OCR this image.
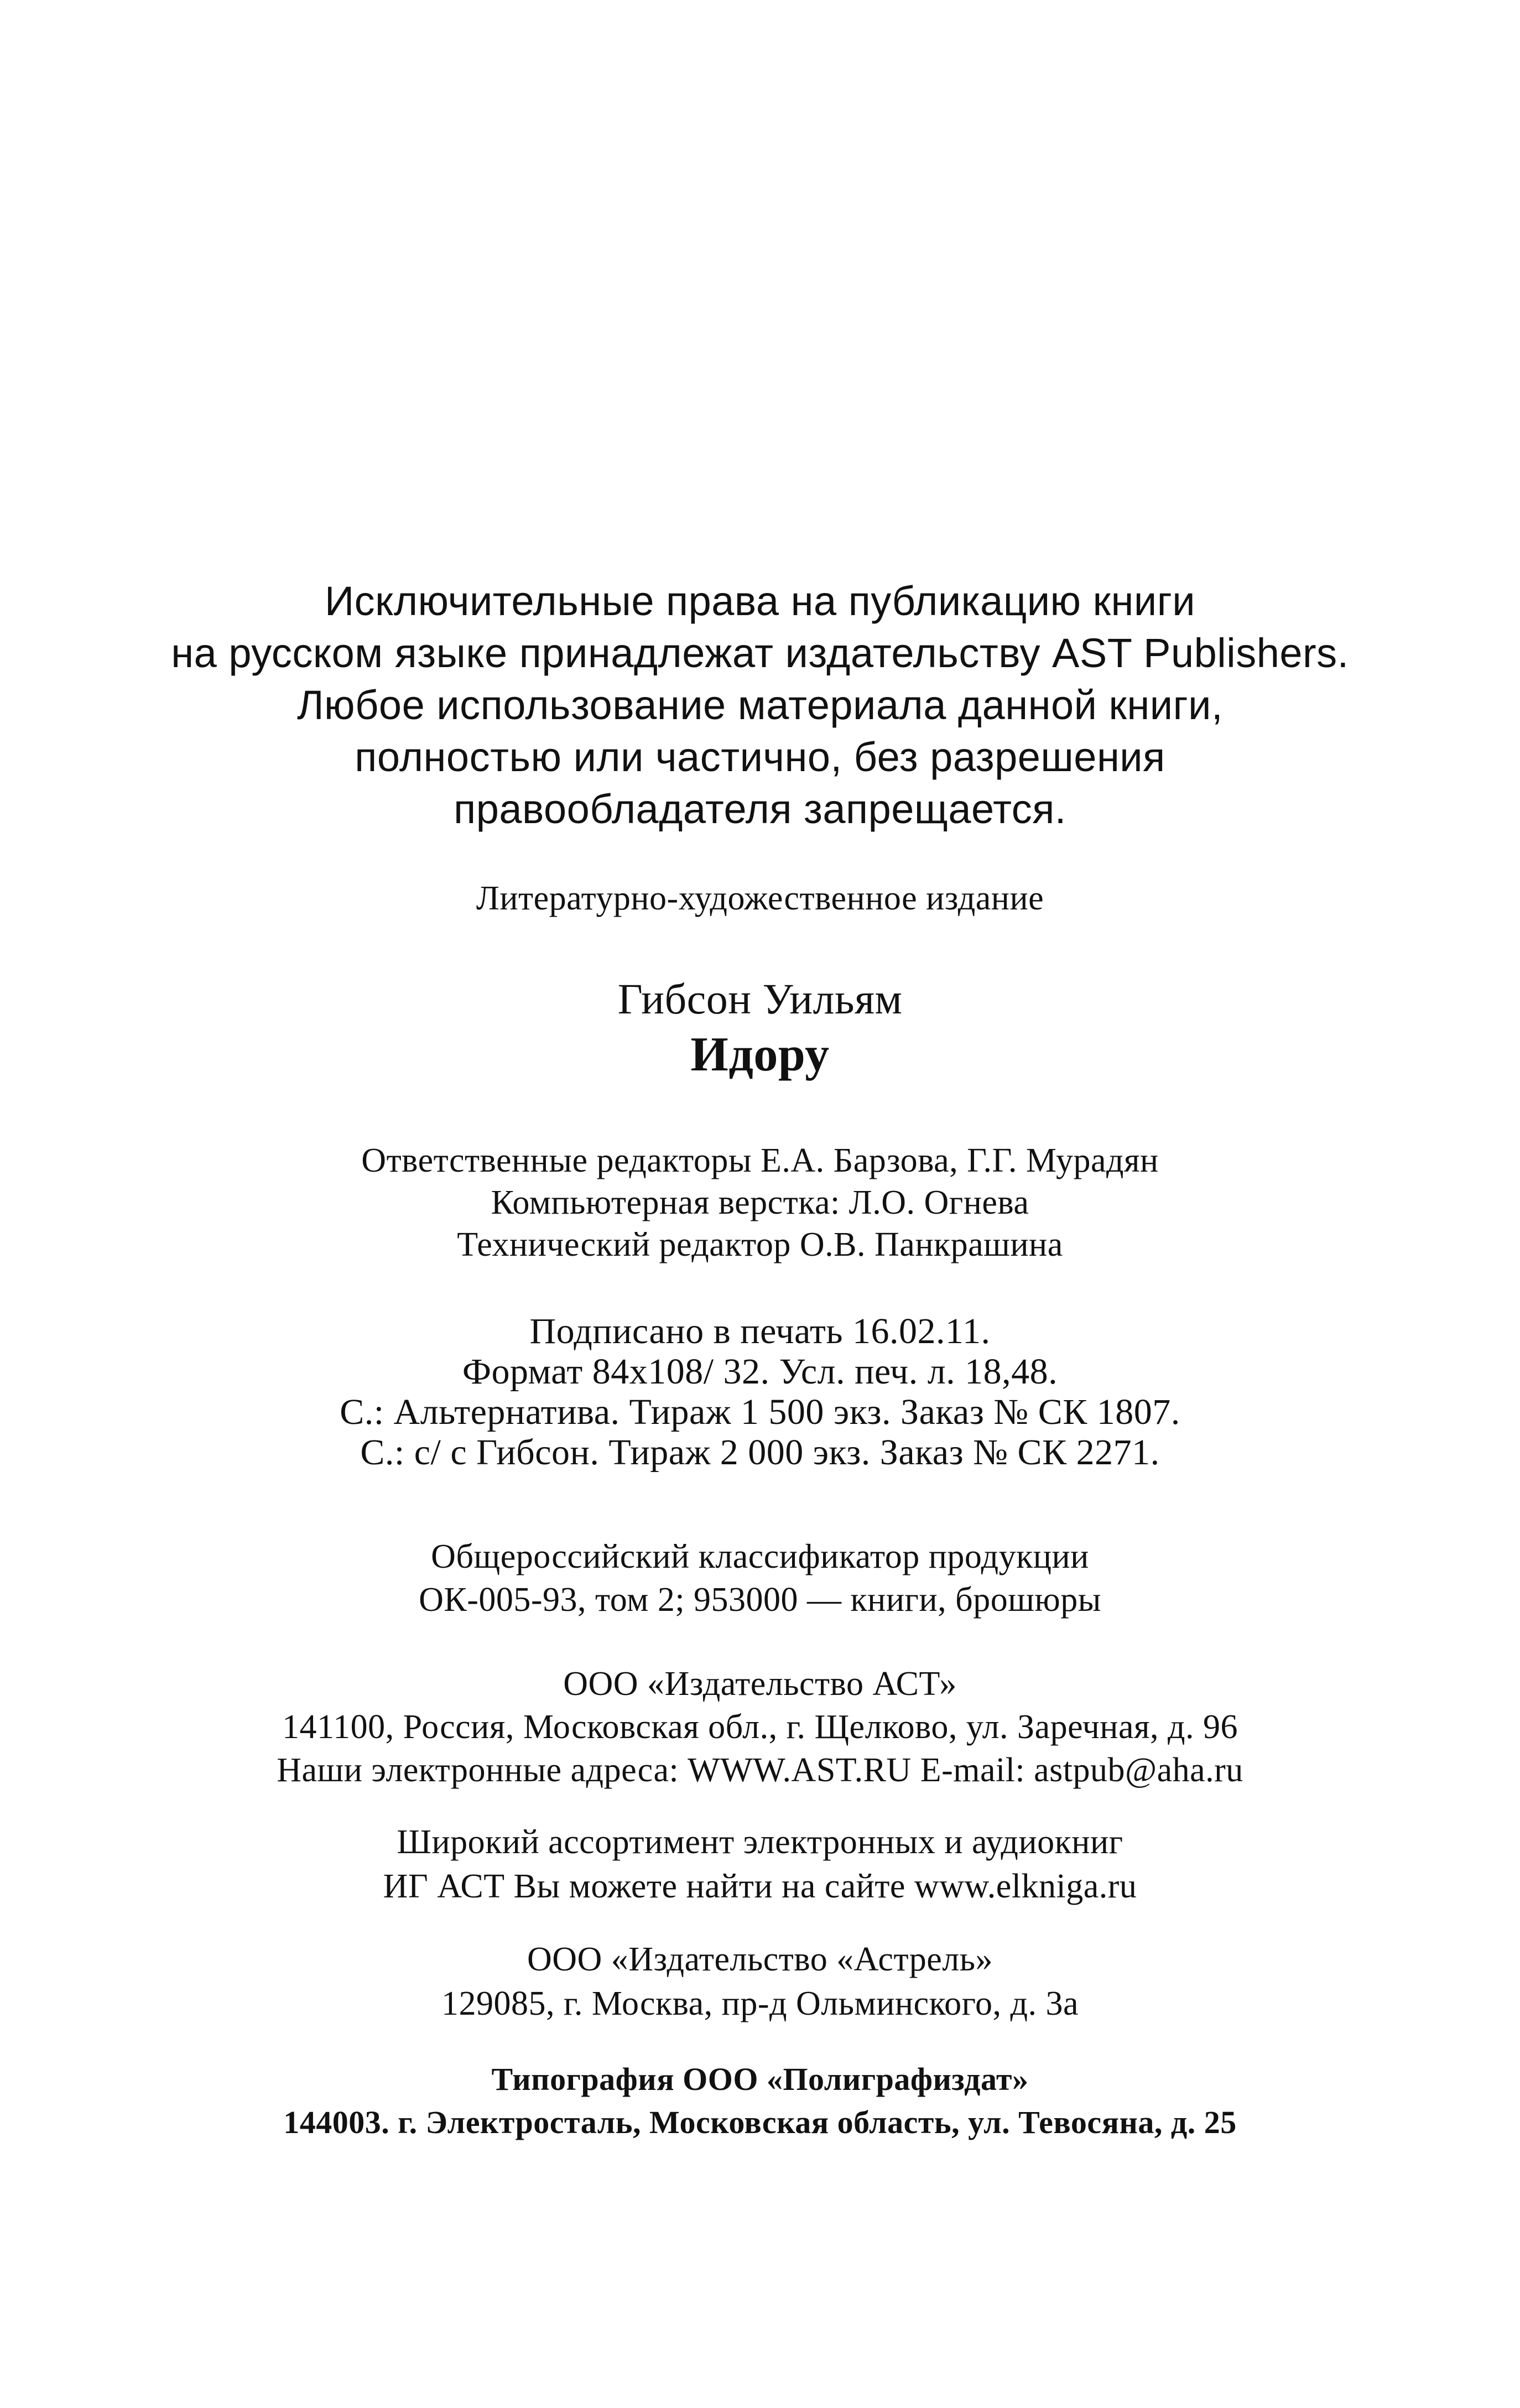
Исключительные права на публикацию книги
на русском языке принадлежат издательству AST Publishers.
Любое использование материала данной книги,
полностью или частично, без разрешения
правообладателя запрещается.
Литературно-художественное издание
Гибсон Уильям
Идору
Ответственные редакторы Е.А. Барзова, Г.Г. Мурадян
Компьютерная верстка: Л.О. Огнева
Технический редактор О.В. Панкрашина
Подписано в печать 16.02.11.
Формат 84х108/ 32. Усл. печ. л. 18,48.
С.: Альтернатива. Тираж 1 500 экз. Заказ № СК 1807.
С.: с/ с Гибсон. Тираж 2 000 экз. Заказ № СК 2271.
Общероссийский классификатор продукции
ОК-005-93, том 2; 953000 — книги, брошюры
ООО «Издательство АСТ»
141100, Россия, Московская обл., г. Щелково, ул. Заречная, д. 96
Наши электронные адреса: WWW.AST.RU E-mail: astpub@aha.ru
Широкий ассортимент электронных и аудиокниг
ИГ АСТ Вы можете найти на сайте www.elkniga.ru
ООО «Издательство «Астрель»
129085, г. Москва, пр-д Ольминского, д. 3а
Типография ООО «Полиграфиздат»
144003. г. Электросталь, Московская область, ул. Тевосяна, д. 25
